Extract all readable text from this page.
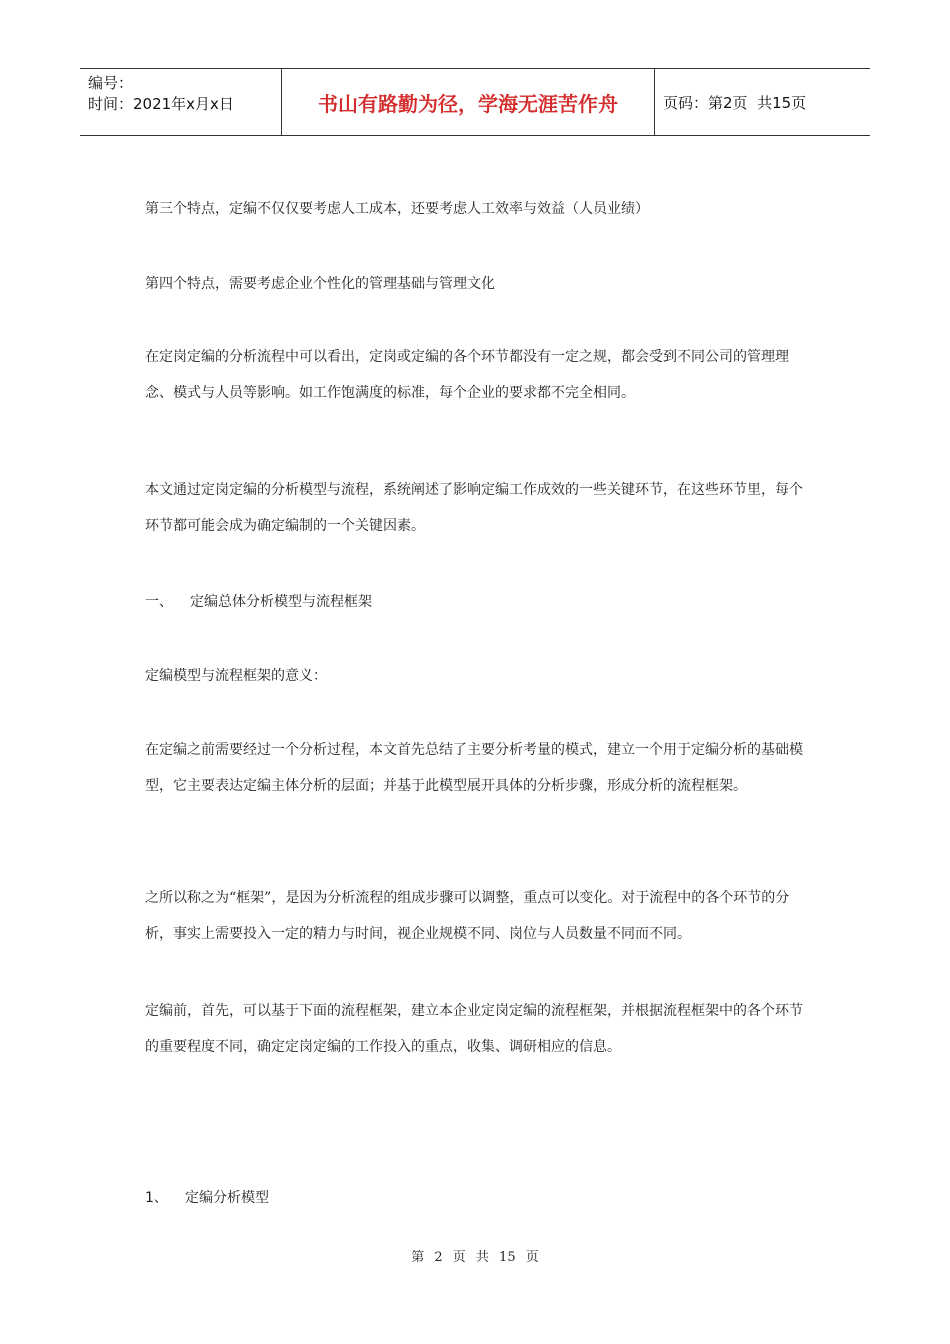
编号：
时间：2021年x月x日	书山有路勤为径，学海无涯苦作舟	页码：第2页  共15页

第三个特点，定编不仅仅要考虑人工成本，还要考虑人工效率与效益（人员业绩）

第四个特点，需要考虑企业个性化的管理基础与管理文化

在定岗定编的分析流程中可以看出，定岗或定编的各个环节都没有一定之规，都会受到不同公司的管理理念、模式与人员等影响。如工作饱满度的标准，每个企业的要求都不完全相同。

本文通过定岗定编的分析模型与流程，系统阐述了影响定编工作成效的一些关键环节，在这些环节里，每个环节都可能会成为确定编制的一个关键因素。

一、 定编总体分析模型与流程框架

定编模型与流程框架的意义：

在定编之前需要经过一个分析过程，本文首先总结了主要分析考量的模式，建立一个用于定编分析的基础模型，它主要表达定编主体分析的层面；并基于此模型展开具体的分析步骤，形成分析的流程框架。

之所以称之为“框架”，是因为分析流程的组成步骤可以调整，重点可以变化。对于流程中的各个环节的分析，事实上需要投入一定的精力与时间，视企业规模不同、岗位与人员数量不同而不同。

定编前，首先，可以基于下面的流程框架，建立本企业定岗定编的流程框架，并根据流程框架中的各个环节的重要程度不同，确定定岗定编的工作投入的重点，收集、调研相应的信息。

1、 定编分析模型
第 2 页 共 15 页
